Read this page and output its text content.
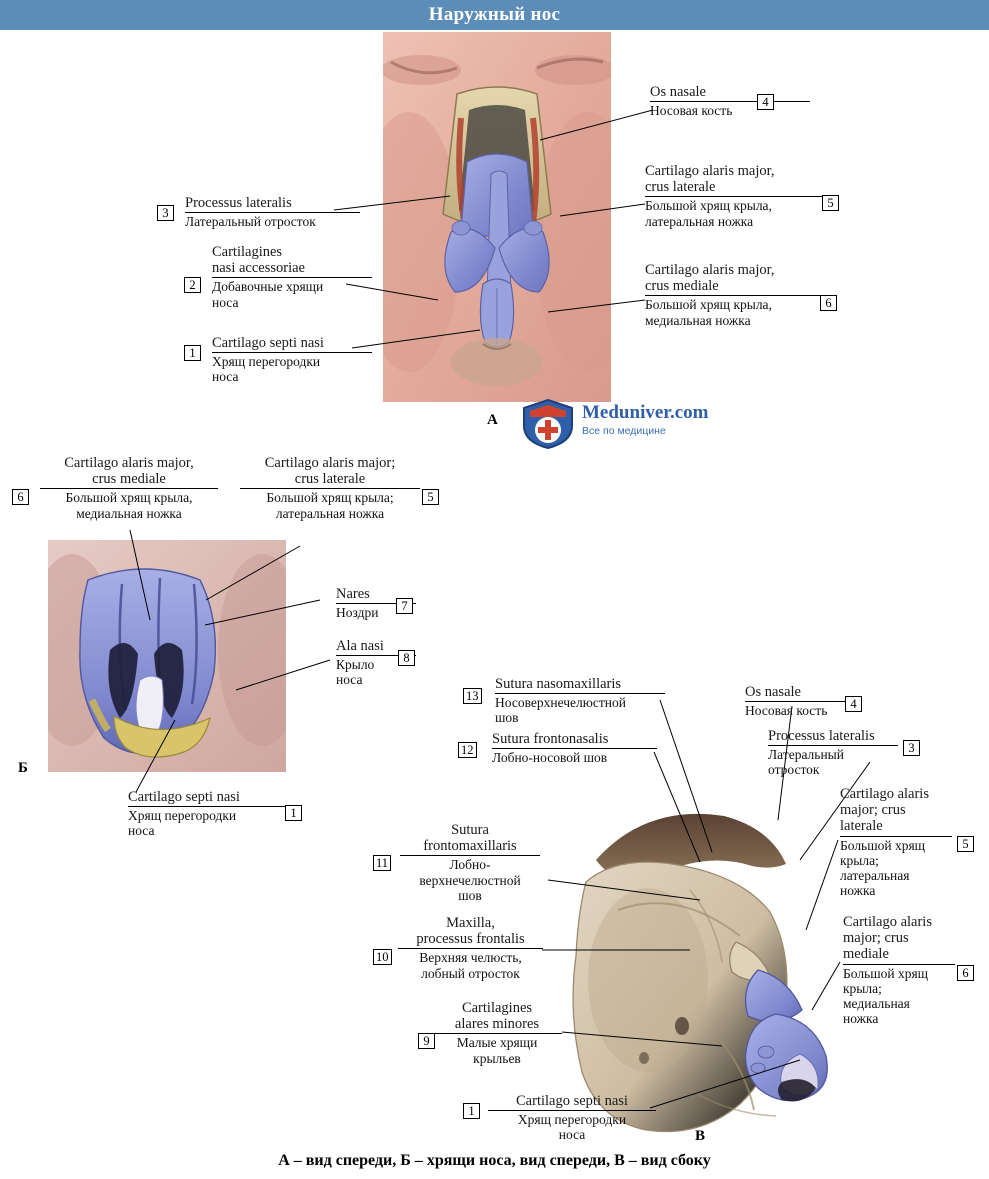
Наружный нос
Os nasale
Носовая кость
4
Cartilago alaris major,
crus laterale
Большой хрящ крыла,
латеральная ножка
5
Cartilago alaris major,
crus mediale
Большой хрящ крыла,
медиальная ножка
6
Processus lateralis
Латеральный отросток
3
Cartilagines
nasi accessoriae
Добавочные хрящи
носа
2
Cartilago septi nasi
Хрящ перегородки
носа
1
А	Meduniver.com
Все по медицине
Cartilago alaris major,
crus mediale
Большой хрящ крыла,
медиальная ножка
6
Cartilago alaris major;
crus laterale
Большой хрящ крыла;
латеральная ножка
5
Nares
Ноздри	7
Ala nasi
Крыло
носа
8
Cartilago septi nasi
Хрящ перегородки
носа
1
Б
Sutura nasomaxillaris
Носоверхнечелюстной
шов
13
Sutura frontonasalis
Лобно-носовой шов
12
Os nasale
Носовая кость	4
Processus lateralis
Латеральный
отросток
3
Cartilago alaris
major; crus
laterale
Большой хрящ
крыла;
латеральная
ножка
5
Cartilago alaris
major; crus
mediale
Большой хрящ
крыла;
медиальная
ножка
6
Sutura
frontomaxillaris
Лобно-
верхнечелюстной
шов
11
Maxilla,
processus frontalis
Верхняя челюсть,
лобный отросток
10
Cartilagines
alares minores
Малые хрящи
крыльев
9
Cartilago septi nasi
Хрящ перегородки
носа
1
В
А – вид спереди, Б – хрящи носа, вид спереди, В – вид сбоку
